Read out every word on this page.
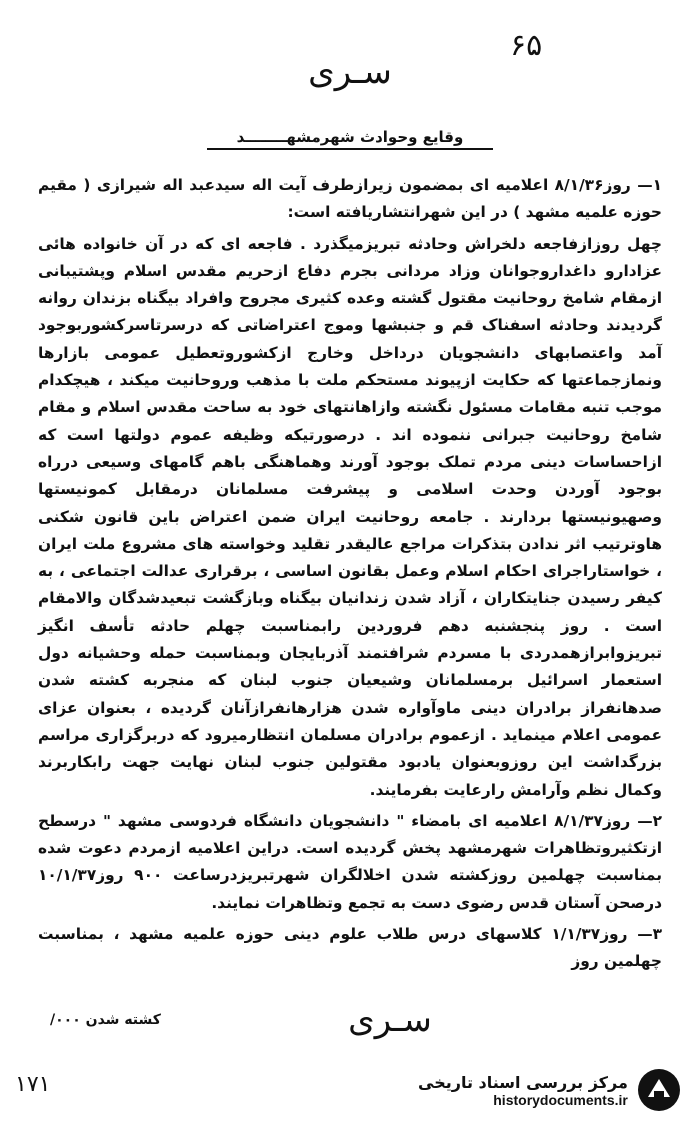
۶۵
سـری
وقایع وحوادث شهرمشهــــــــد

۱— روز۸/۱/۳۶ اعلامیه ای بمضمون زیرازطرف آیت اله سیدعبد اله شیرازی ( مقیم حوزه علمیه مشهد ) در این شهرانتشاریافته است:

چهل روزازفاجعه دلخراش وحادثه تبریزمیگذرد . فاجعه ای که در آن خانواده هائی عزادارو داغداروجوانان وزاد مردانی بجرم دفاع ازحریم مقدس اسلام وپشتیبانی ازمقام شامخ روحانیت مقتول گشته وعده کثیری مجروح وافراد بیگناه بزندان روانه گردیدند وحادثه اسفناک قم و جنبشها وموج اعتراضاتی که درسرتاسرکشوربوجود آمد واعتصابهای دانشجویان درداخل وخارج ازکشوروتعطیل عمومی بازارها ونمازجماعتها که حکایت ازپیوند مستحکم ملت با مذهب وروحانیت میکند ، هیچکدام موجب تنبه مقامات مسئول نگشته وازاهانتهای خود به ساحت مقدس اسلام و مقام شامخ روحانیت جبرانی ننموده اند . درصورتیکه وظیفه عموم دولتها است که ازاحساسات دینی مردم تملک بوجود آورند وهماهنگی باهم گامهای وسیعی درراه بوجود آوردن وحدت اسلامی و پیشرفت مسلمانان درمقابل کمونیستها وصهیونیستها بردارند . جامعه روحانیت ایران ضمن اعتراض باین قانون شکنی هاوترتیب اثر ندادن بتذکرات مراجع عالیقدر تقلید وخواسته های مشروع ملت ایران ، خواستاراجرای احکام اسلام وعمل بقانون اساسی ، برقراری عدالت اجتماعی ، به کیفر رسیدن جنایتکاران ، آزاد شدن زندانیان بیگناه وبازگشت تبعیدشدگان والامقام است . روز پنجشنبه دهم فروردین رابمناسبت چهلم حادثه تأسف انگیز تبریزوابرازهمدردی با مسردم شرافتمند آذربایجان وبمناسبت حمله وحشیانه دول استعمار اسرائیل برمسلمانان وشیعیان جنوب لبنان که منجربه کشته شدن صدهانفراز برادران دینی ماوآواره شدن هزارهانفرازآنان گردیده ، بعنوان عزای عمومی اعلام مینماید . ازعموم برادران مسلمان انتظارمیرود که دربرگزاری مراسم بزرگداشت این روزوبعنوان یادبود مقتولین جنوب لبنان نهایت جهت رابکاربرند وکمال نظم وآرامش رارعایت بفرمایند.

۲— روز۸/۱/۳۷ اعلامیه ای بامضاء " دانشجویان دانشگاه فردوسی مشهد " درسطح ازتکثیروتظاهرات شهرمشهد پخش گردیده است. دراین اعلامیه ازمردم دعوت شده بمناسبت چهلمین روزکشته شدن اخلالگران شهرتبریزدرساعت ۹۰۰ روز۱۰/۱/۳۷ درصحن آستان قدس رضوی دست به تجمع وتظاهرات نمایند.

۳— روز۱/۱/۳۷ کلاسهای درس طلاب علوم دینی حوزه علمیه مشهد ، بمناسبت چهلمین روز

کشته شدن ۰۰۰/	سـری
۱۷۱	مرکز بررسی اسناد تاریخی
historydocuments.ir
